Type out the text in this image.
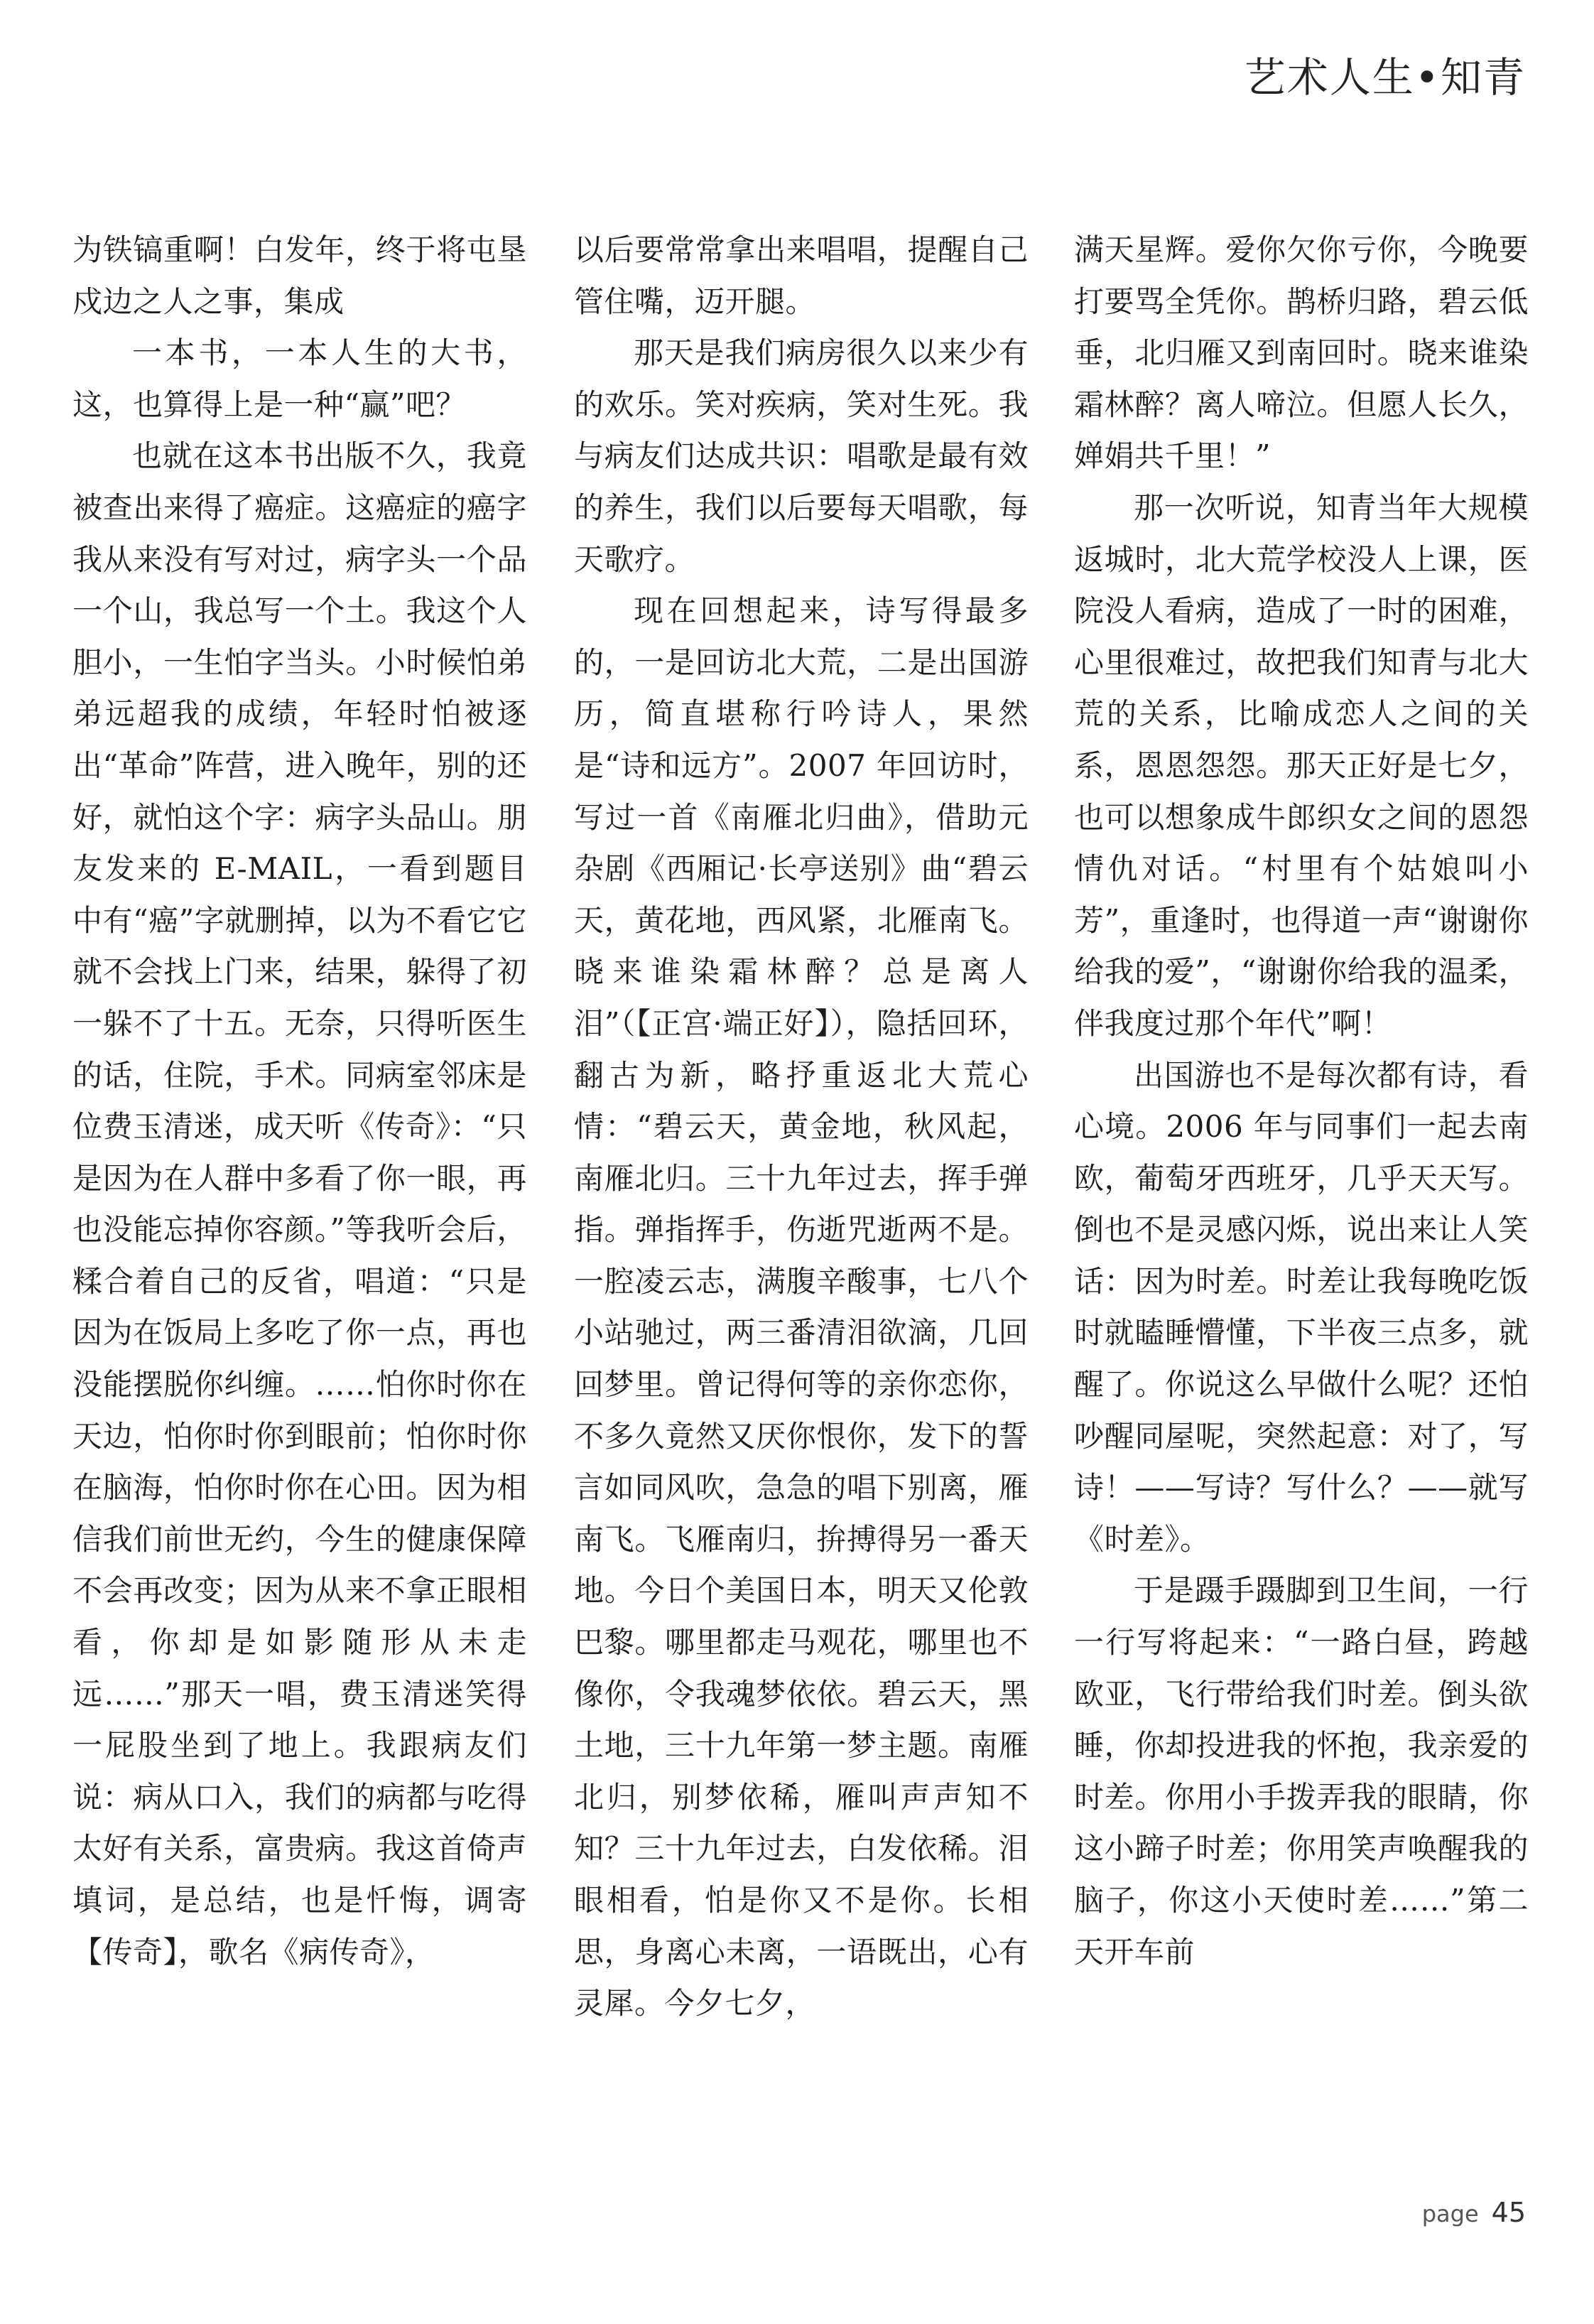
艺术人生•知青

为铁镐重啊！白发年，终于将屯垦戍边之人之事，集成

一本书，一本人生的大书，这，也算得上是一种“赢”吧？

也就在这本书出版不久，我竟被查出来得了癌症。这癌症的癌字我从来没有写对过，病字头一个品一个山，我总写一个土。我这个人胆小，一生怕字当头。小时候怕弟弟远超我的成绩，年轻时怕被逐出“革命”阵营，进入晚年，别的还好，就怕这个字：病字头品山。朋友发来的 E-MAIL，一看到题目中有“癌”字就删掉，以为不看它它就不会找上门来，结果，躲得了初一躲不了十五。无奈，只得听医生的话，住院，手术。同病室邻床是位费玉清迷，成天听《传奇》：“只是因为在人群中多看了你一眼，再也没能忘掉你容颜。”等我听会后，糅合着自己的反省，唱道：“只是因为在饭局上多吃了你一点，再也没能摆脱你纠缠。……怕你时你在天边，怕你时你到眼前；怕你时你在脑海，怕你时你在心田。因为相信我们前世无约，今生的健康保障不会再改变；因为从来不拿正眼相看，你却是如影随形从未走远……”那天一唱，费玉清迷笑得一屁股坐到了地上。我跟病友们说：病从口入，我们的病都与吃得太好有关系，富贵病。我这首倚声填词，是总结，也是忏悔，调寄【传奇】，歌名《病传奇》，

以后要常常拿出来唱唱，提醒自己管住嘴，迈开腿。

那天是我们病房很久以来少有的欢乐。笑对疾病，笑对生死。我与病友们达成共识：唱歌是最有效的养生，我们以后要每天唱歌，每天歌疗。

现在回想起来，诗写得最多的，一是回访北大荒，二是出国游历，简直堪称行吟诗人，果然是“诗和远方”。2007 年回访时，写过一首《南雁北归曲》，借助元杂剧《西厢记·长亭送别》曲“碧云天，黄花地，西风紧，北雁南飞。晓来谁染霜林醉？总是离人泪”（【正宫·端正好】），隐括回环，翻古为新，略抒重返北大荒心情：“碧云天，黄金地，秋风起，南雁北归。三十九年过去，挥手弹指。弹指挥手，伤逝咒逝两不是。一腔凌云志，满腹辛酸事，七八个小站驰过，两三番清泪欲滴，几回回梦里。曾记得何等的亲你恋你，不多久竟然又厌你恨你，发下的誓言如同风吹，急急的唱下别离，雁南飞。飞雁南归，拚搏得另一番天地。今日个美国日本，明天又伦敦巴黎。哪里都走马观花，哪里也不像你，令我魂梦依依。碧云天，黑土地，三十九年第一梦主题。南雁北归，别梦依稀，雁叫声声知不知？三十九年过去，白发依稀。泪眼相看，怕是你又不是你。长相思，身离心未离，一语既出，心有灵犀。今夕七夕，

满天星辉。爱你欠你亏你，今晚要打要骂全凭你。鹊桥归路，碧云低垂，北归雁又到南回时。晓来谁染霜林醉？离人啼泣。但愿人长久，婵娟共千里！”

那一次听说，知青当年大规模返城时，北大荒学校没人上课，医院没人看病，造成了一时的困难，心里很难过，故把我们知青与北大荒的关系，比喻成恋人之间的关系，恩恩怨怨。那天正好是七夕，也可以想象成牛郎织女之间的恩怨情仇对话。“村里有个姑娘叫小芳”，重逢时，也得道一声“谢谢你给我的爱”，“谢谢你给我的温柔，伴我度过那个年代”啊！

出国游也不是每次都有诗，看心境。2006 年与同事们一起去南欧，葡萄牙西班牙，几乎天天写。倒也不是灵感闪烁，说出来让人笑话：因为时差。时差让我每晚吃饭时就瞌睡懵懂，下半夜三点多，就醒了。你说这么早做什么呢？还怕吵醒同屋呢，突然起意：对了，写诗！——写诗？写什么？——就写《时差》。

于是蹑手蹑脚到卫生间，一行一行写将起来：“一路白昼，跨越欧亚，飞行带给我们时差。倒头欲睡，你却投进我的怀抱，我亲爱的时差。你用小手拨弄我的眼睛，你这小蹄子时差；你用笑声唤醒我的脑子，你这小天使时差……”第二天开车前

page 45
